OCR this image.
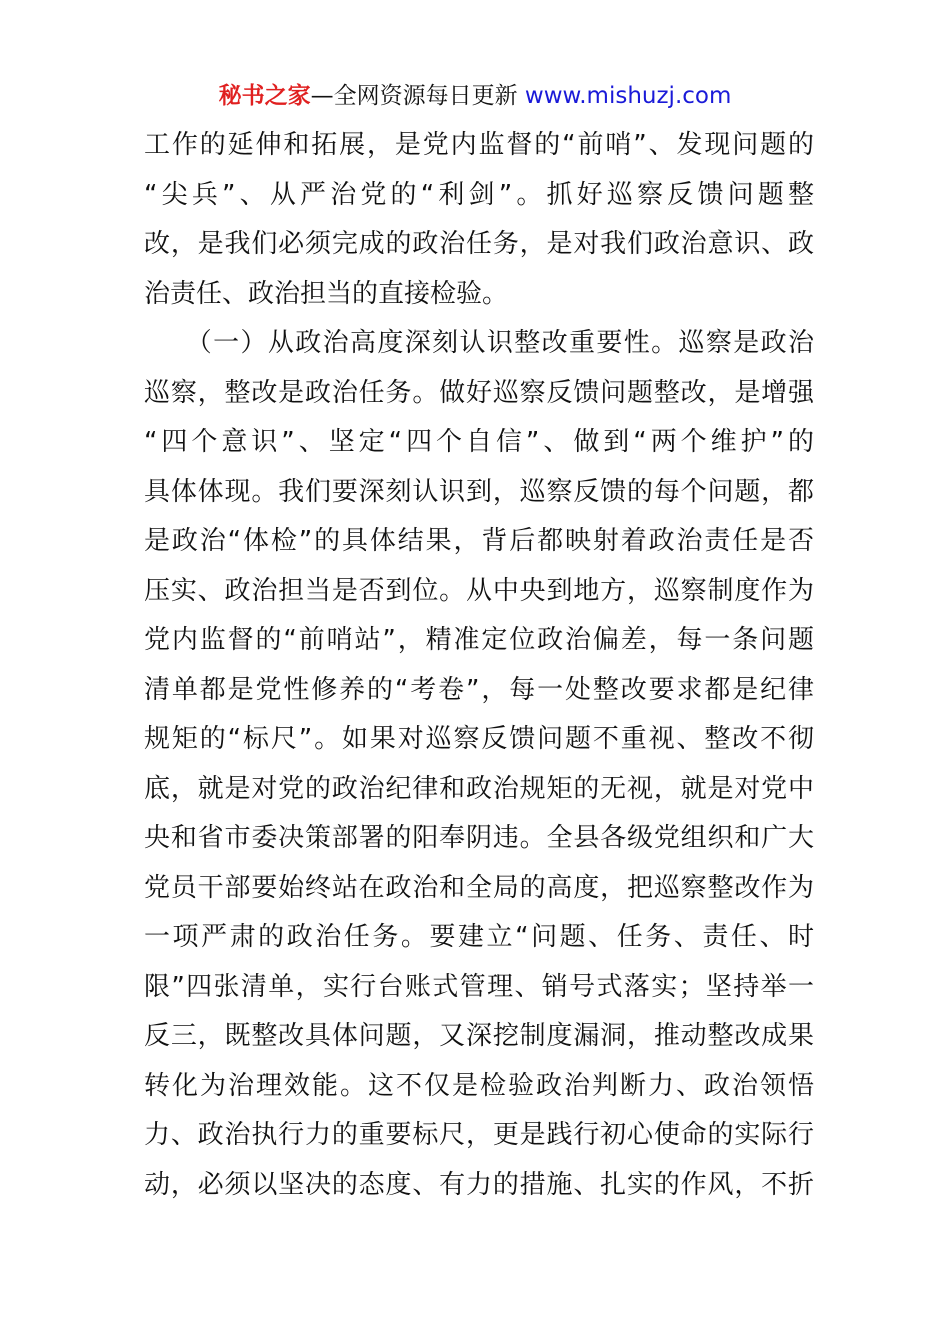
秘书之家—全网资源每日更新 www.mishuzj.com
工作的延伸和拓展，是党内监督的“前哨”、发现问题的
“尖兵”、从严治党的“利剑”。抓好巡察反馈问题整
改，是我们必须完成的政治任务，是对我们政治意识、政
治责任、政治担当的直接检验。
　　（一）从政治高度深刻认识整改重要性。巡察是政治
巡察，整改是政治任务。做好巡察反馈问题整改，是增强
“四个意识”、坚定“四个自信”、做到“两个维护”的
具体体现。我们要深刻认识到，巡察反馈的每个问题，都
是政治“体检”的具体结果，背后都映射着政治责任是否
压实、政治担当是否到位。从中央到地方，巡察制度作为
党内监督的“前哨站”，精准定位政治偏差，每一条问题
清单都是党性修养的“考卷”，每一处整改要求都是纪律
规矩的“标尺”。如果对巡察反馈问题不重视、整改不彻
底，就是对党的政治纪律和政治规矩的无视，就是对党中
央和省市委决策部署的阳奉阴违。全县各级党组织和广大
党员干部要始终站在政治和全局的高度，把巡察整改作为
一项严肃的政治任务。要建立“问题、任务、责任、时
限”四张清单，实行台账式管理、销号式落实；坚持举一
反三，既整改具体问题，又深挖制度漏洞，推动整改成果
转化为治理效能。这不仅是检验政治判断力、政治领悟
力、政治执行力的重要标尺，更是践行初心使命的实际行
动，必须以坚决的态度、有力的措施、扎实的作风，不折
